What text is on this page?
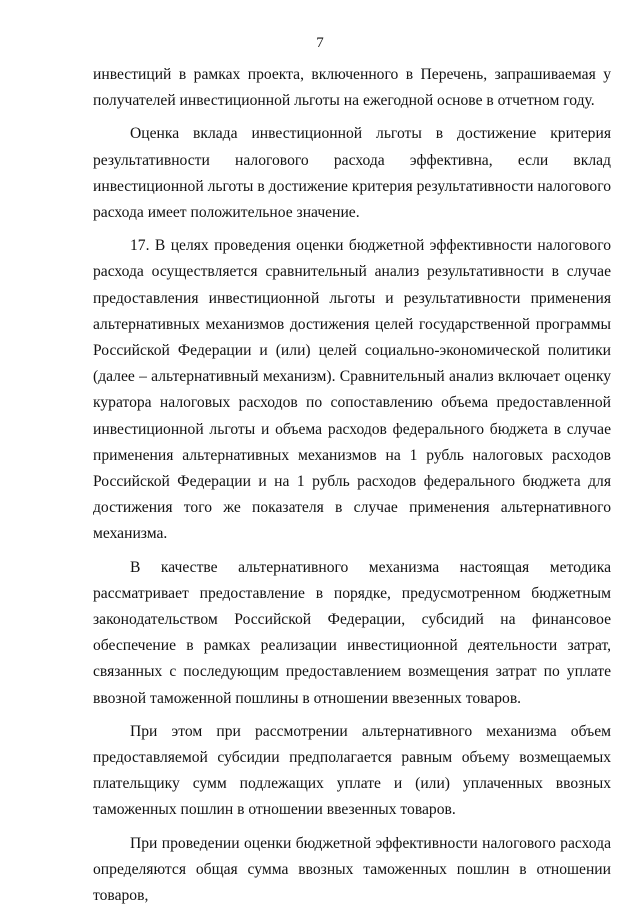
7

инвестиций в рамках проекта, включенного в Перечень, запрашиваемая у получателей инвестиционной льготы на ежегодной основе в отчетном году.

Оценка вклада инвестиционной льготы в достижение критерия результативности налогового расхода эффективна, если вклад инвестиционной льготы в достижение критерия результативности налогового расхода имеет положительное значение.

17. В целях проведения оценки бюджетной эффективности налогового расхода осуществляется сравнительный анализ результативности в случае предоставления инвестиционной льготы и результативности применения альтернативных механизмов достижения целей государственной программы Российской Федерации и (или) целей социально-экономической политики (далее – альтернативный механизм). Сравнительный анализ включает оценку куратора налоговых расходов по сопоставлению объема предоставленной инвестиционной льготы и объема расходов федерального бюджета в случае применения альтернативных механизмов на 1 рубль налоговых расходов Российской Федерации и на 1 рубль расходов федерального бюджета для достижения того же показателя в случае применения альтернативного механизма.

В качестве альтернативного механизма настоящая методика рассматривает предоставление в порядке, предусмотренном бюджетным законодательством Российской Федерации, субсидий на финансовое обеспечение в рамках реализации инвестиционной деятельности затрат, связанных с последующим предоставлением возмещения затрат по уплате ввозной таможенной пошлины в отношении ввезенных товаров.

При этом при рассмотрении альтернативного механизма объем предоставляемой субсидии предполагается равным объему возмещаемых плательщику сумм подлежащих уплате и (или) уплаченных ввозных таможенных пошлин в отношении ввезенных товаров.

При проведении оценки бюджетной эффективности налогового расхода определяются общая сумма ввозных таможенных пошлин в отношении товаров,
